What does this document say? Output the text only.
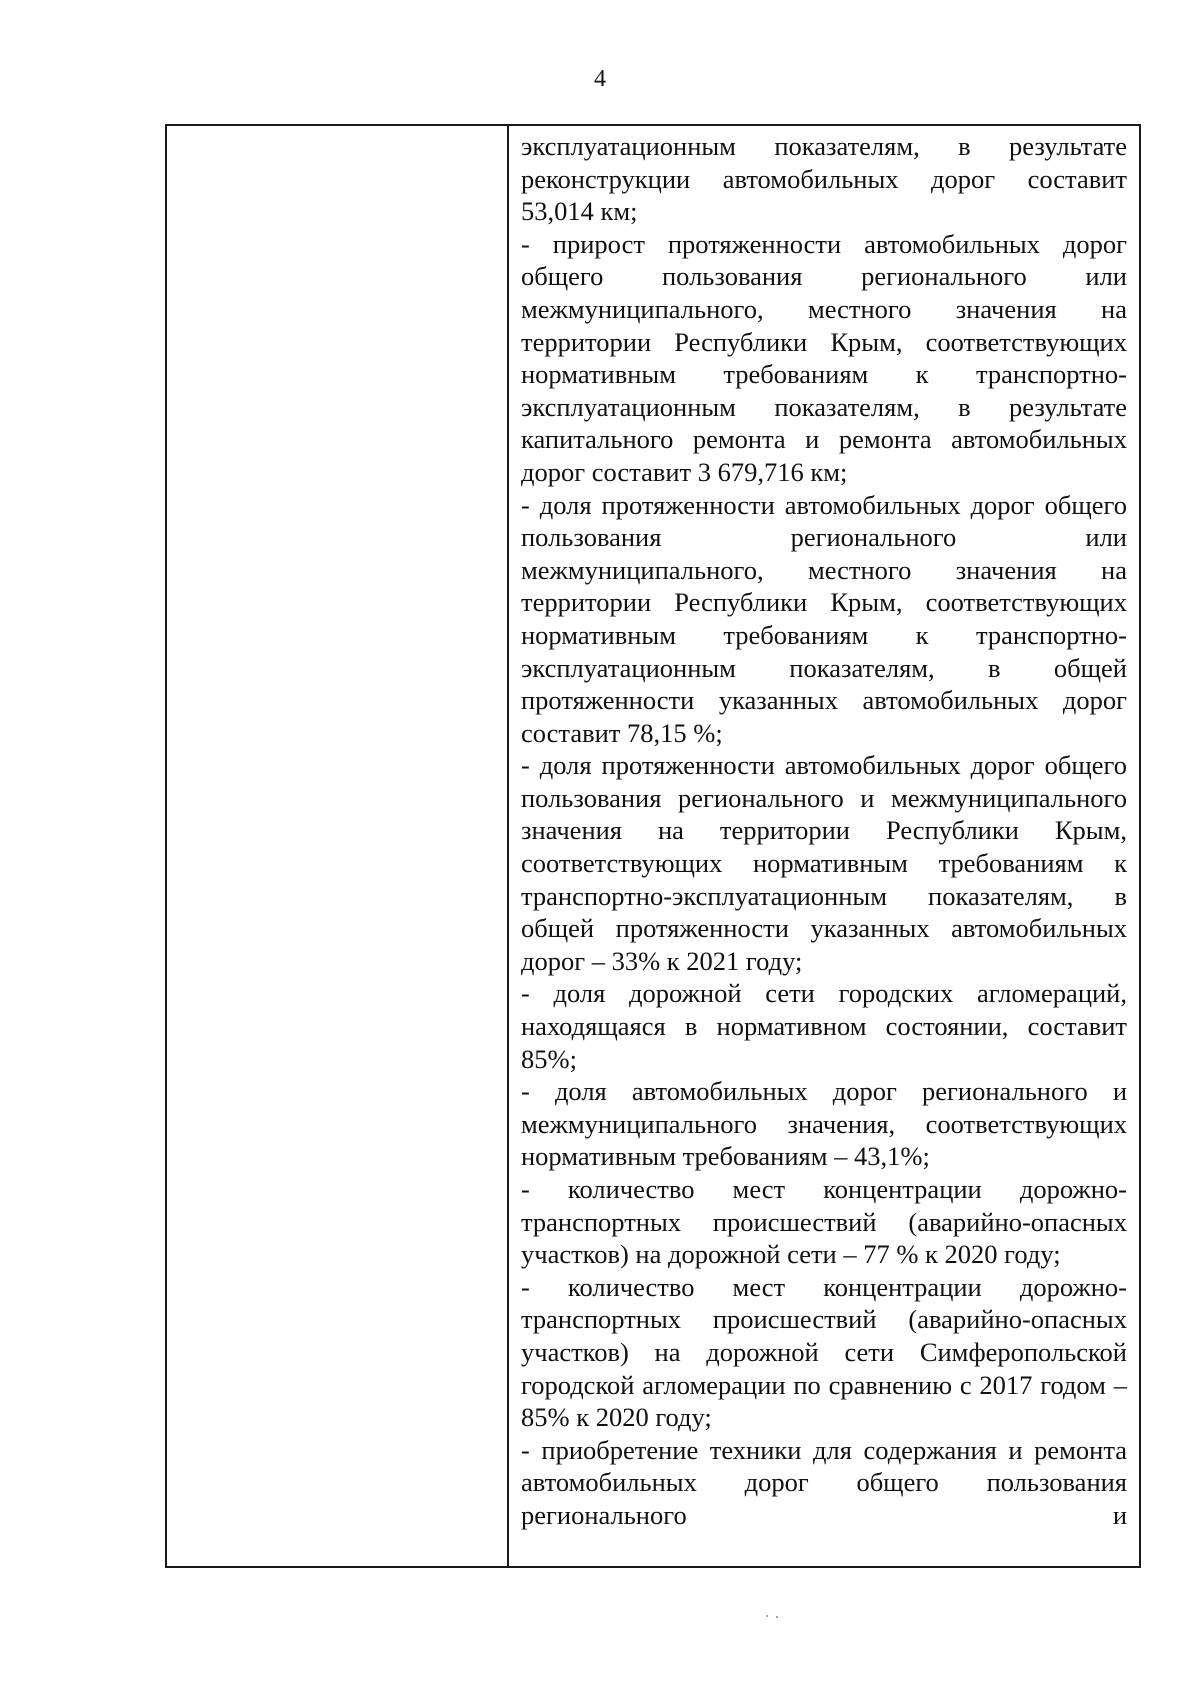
4

эксплуатационным показателям, в результате реконструкции автомобильных дорог составит 53,014 км;

- прирост протяженности автомобильных дорог общего пользования регионального или межмуниципального, местного значения на территории Республики Крым, соответствующих нормативным требованиям к транспортно-эксплуатационным показателям, в результате капитального ремонта и ремонта автомобильных дорог составит 3 679,716 км;

- доля протяженности автомобильных дорог общего пользования регионального или межмуниципального, местного значения на территории Республики Крым, соответствующих нормативным требованиям к транспортно-эксплуатационным показателям, в общей протяженности указанных автомобильных дорог составит 78,15 %;

- доля протяженности автомобильных дорог общего пользования регионального и межмуниципального значения на территории Республики Крым, соответствующих нормативным требованиям к транспортно-эксплуатационным показателям, в общей протяженности указанных автомобильных дорог – 33% к 2021 году;

- доля дорожной сети городских агломераций, находящаяся в нормативном состоянии, составит 85%;

- доля автомобильных дорог регионального и межмуниципального значения, соответствующих нормативным требованиям – 43,1%;

- количество мест концентрации дорожно-транспортных происшествий (аварийно-опасных участков) на дорожной сети – 77 % к 2020 году;

- количество мест концентрации дорожно-транспортных происшествий (аварийно-опасных участков) на дорожной сети Симферопольской городской агломерации по сравнению с 2017 годом – 85% к 2020 году;

- приобретение техники для содержания и ремонта автомобильных дорог общего пользования регионального и
